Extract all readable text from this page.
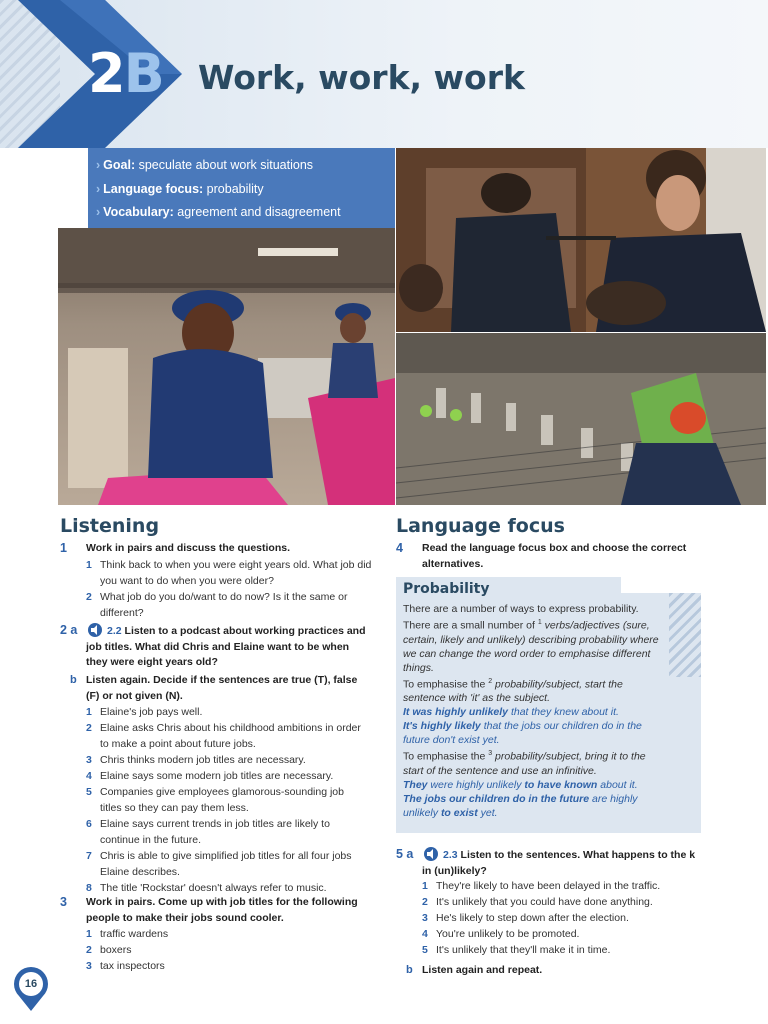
2B Work, work, work
› Goal: speculate about work situations
› Language focus: probability
› Vocabulary: agreement and disagreement
Listening
1 Work in pairs and discuss the questions.
1 Think back to when you were eight years old. What job did you want to do when you were older?
2 What job do you do/want to do now? Is it the same or different?
2 a	2.2 Listen to a podcast about working practices and job titles. What did Chris and Elaine want to be when they were eight years old?
b Listen again. Decide if the sentences are true (T), false (F) or not given (N).
1 Elaine's job pays well.
2 Elaine asks Chris about his childhood ambitions in order to make a point about future jobs.
3 Chris thinks modern job titles are necessary.
4 Elaine says some modern job titles are necessary.
5 Companies give employees glamorous-sounding job titles so they can pay them less.
6 Elaine says current trends in job titles are likely to continue in the future.
7 Chris is able to give simplified job titles for all four jobs Elaine describes.
8 The title 'Rockstar' doesn't always refer to music.
3 Work in pairs. Come up with job titles for the following people to make their jobs sound cooler.
1 traffic wardens
2 boxers
3 tax inspectors
Language focus
4 Read the language focus box and choose the correct alternatives.
Probability

There are a number of ways to express probability.

There are a small number of $^1$ verbs/adjectives (sure, certain, likely and unlikely) describing probability where we can change the word order to emphasise different things.

To emphasise the $^2$ probability/subject, start the sentence with 'it' as the subject.

It was highly unlikely that they knew about it.

It's highly likely that the jobs our children do in the future don't exist yet.

To emphasise the $^3$ probability/subject, bring it to the start of the sentence and use an infinitive.

They were highly unlikely to have known about it.

The jobs our children do in the future are highly unlikely to exist yet.

5 a	2.3 Listen to the sentences. What happens to the k in (un)likely?
1 They're likely to have been delayed in the traffic.
2 It's unlikely that you could have done anything.
3 He's likely to step down after the election.
4 You're unlikely to be promoted.
5 It's unlikely that they'll make it in time.
b Listen again and repeat.
16
